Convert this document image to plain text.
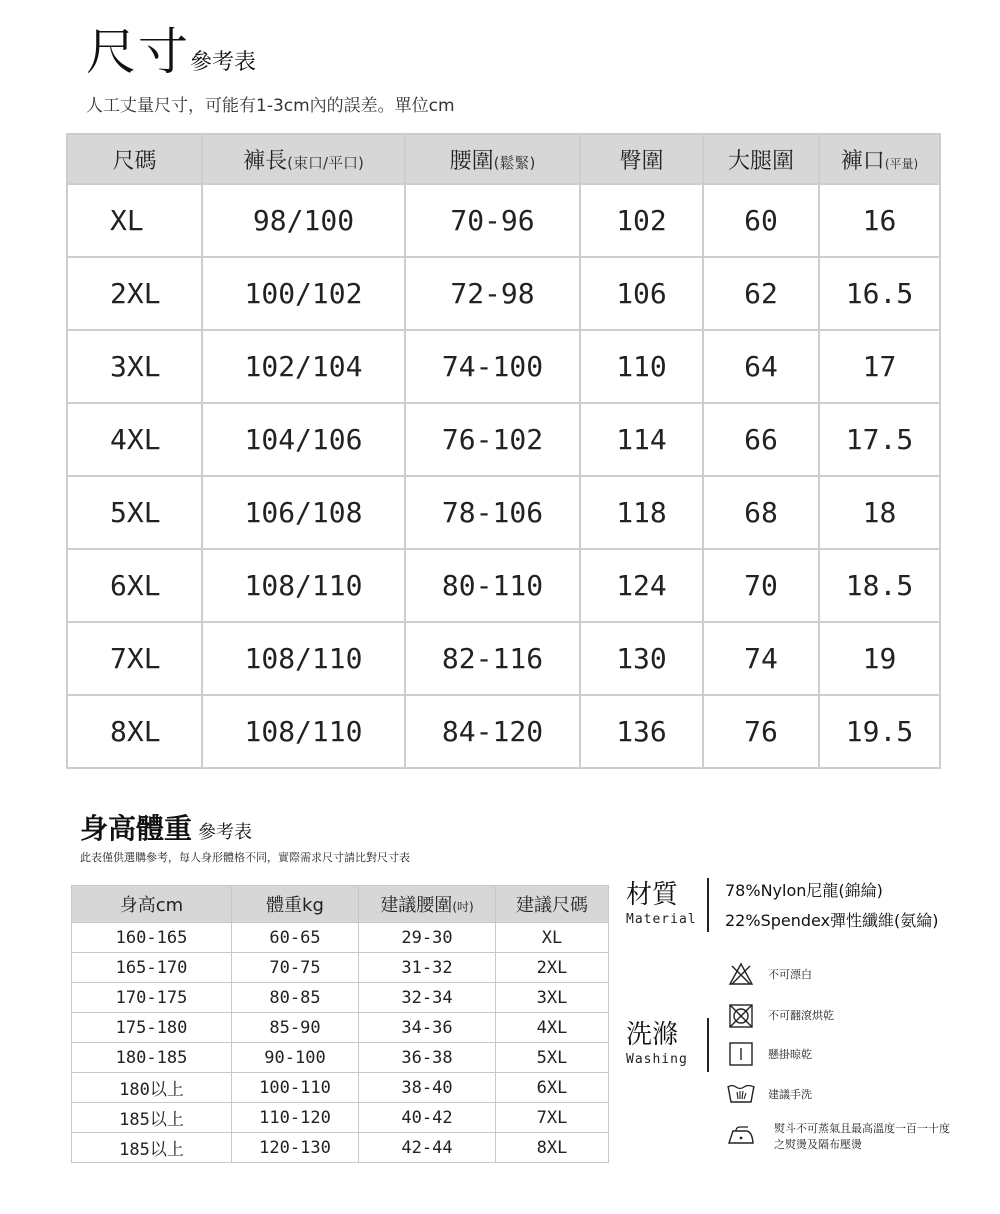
尺寸 參考表
人工丈量尺寸，可能有1-3cm內的誤差。單位cm
尺碼	褲長(束口/平口)	腰圍(鬆緊)	臀圍	大腿圍	褲口(平量)
XL	98/100	70-96	102	60	16
2XL	100/102	72-98	106	62	16.5
3XL	102/104	74-100	110	64	17
4XL	104/106	76-102	114	66	17.5
5XL	106/108	78-106	118	68	18
6XL	108/110	80-110	124	70	18.5
7XL	108/110	82-116	130	74	19
8XL	108/110	84-120	136	76	19.5
身高體重 參考表
此表僅供選購參考，每人身形體格不同，實際需求尺寸請比對尺寸表
身高cm	體重kg	建議腰圍(吋)	建議尺碼
160-165	60-65	29-30	XL
165-170	70-75	31-32	2XL
170-175	80-85	32-34	3XL
175-180	85-90	34-36	4XL
180-185	90-100	36-38	5XL
180以上	100-110	38-40	6XL
185以上	110-120	40-42	7XL
185以上	120-130	42-44	8XL
材質
Material
78%Nylon尼龍(錦綸)
22%Spendex彈性纖維(氨綸)
洗滌
Washing
不可漂白
不可翻滾烘乾
懸掛晾乾
建議手洗
熨斗不可蒸氣且最高溫度一百一十度之熨燙及隔布壓燙
